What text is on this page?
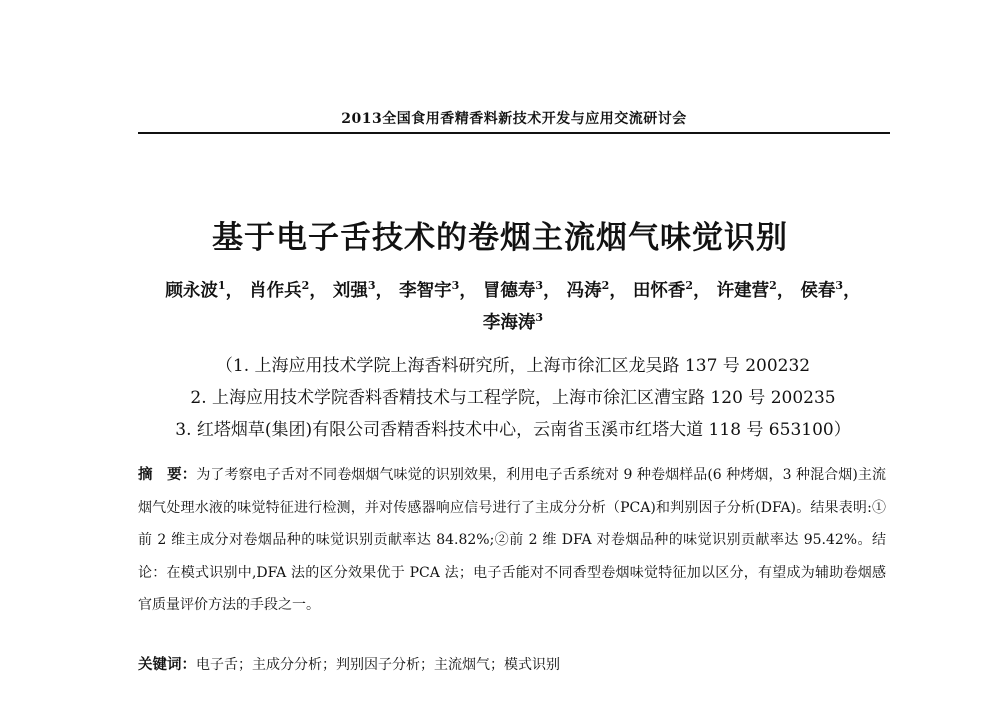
2013全国食用香精香料新技术开发与应用交流研讨会
基于电子舌技术的卷烟主流烟气味觉识别
顾永波$^1$， 肖作兵$^2$， 刘强$^3$， 李智宇$^3$， 冒德寿$^3$， 冯涛$^2$， 田怀香$^2$， 许建营$^2$， 侯春$^3$，
李海涛$^3$
（1. 上海应用技术学院上海香料研究所，上海市徐汇区龙吴路 137 号 200232
2. 上海应用技术学院香料香精技术与工程学院，上海市徐汇区漕宝路 120 号 200235
3. 红塔烟草(集团)有限公司香精香料技术中心，云南省玉溪市红塔大道 118 号 653100）
摘　要：为了考察电子舌对不同卷烟烟气味觉的识别效果，利用电子舌系统对 9 种卷烟样品(6 种烤烟，3 种混合烟)主流烟气处理水液的味觉特征进行检测，并对传感器响应信号进行了主成分分析（PCA)和判别因子分析(DFA)。结果表明:①前 2 维主成分对卷烟品种的味觉识别贡献率达 84.82%;②前 2 维 DFA 对卷烟品种的味觉识别贡献率达 95.42%。结论：在模式识别中,DFA 法的区分效果优于 PCA 法；电子舌能对不同香型卷烟味觉特征加以区分，有望成为辅助卷烟感官质量评价方法的手段之一。
关键词：电子舌；主成分分析；判别因子分析；主流烟气；模式识别
